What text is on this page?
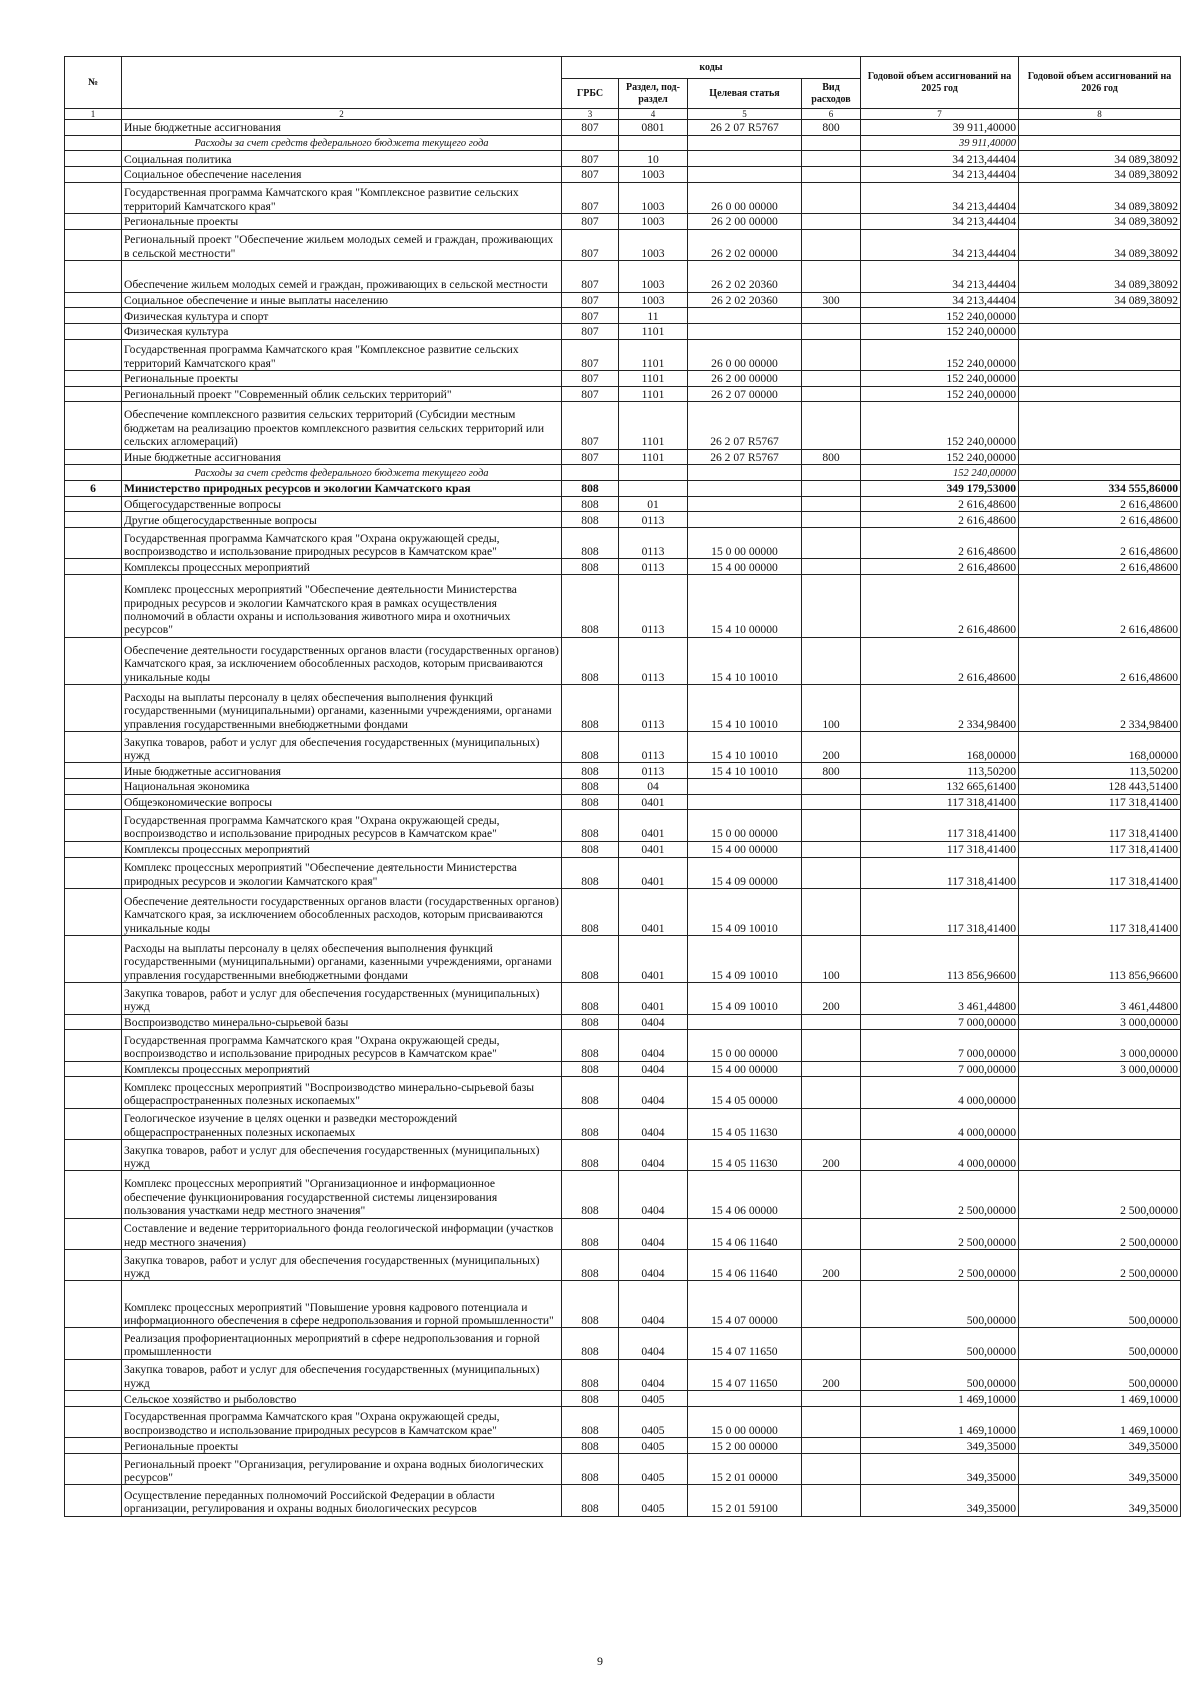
№		коды				Годовой объем ассигнований на 2025 год	Годовой объем ассигнований на 2026 год
		ГРБС	Раздел, под-раздел	Целевая статья	Вид расходов		
1	2	3	4	5	6	7	8
	Иные бюджетные ассигнования	807	0801	26 2 07 R5767	800	39 911,40000	
	Расходы за счет средств федерального бюджета текущего года					39 911,40000	
	Социальная политика	807	10			34 213,44404	34 089,38092
	Социальное обеспечение населения	807	1003			34 213,44404	34 089,38092
	Государственная программа Камчатского края "Комплексное развитие сельских территорий Камчатского края"	807	1003	26 0 00 00000		34 213,44404	34 089,38092
	Региональные проекты	807	1003	26 2 00 00000		34 213,44404	34 089,38092
	Региональный проект "Обеспечение жильем молодых семей и граждан, проживающих в сельской местности"	807	1003	26 2 02 00000		34 213,44404	34 089,38092
	Обеспечение жильем молодых семей и граждан, проживающих в сельской местности	807	1003	26 2 02 20360		34 213,44404	34 089,38092
	Социальное обеспечение и иные выплаты населению	807	1003	26 2 02 20360	300	34 213,44404	34 089,38092
	Физическая культура и спорт	807	11			152 240,00000	
	Физическая культура	807	1101			152 240,00000	
	Государственная программа Камчатского края "Комплексное развитие сельских территорий Камчатского края"	807	1101	26 0 00 00000		152 240,00000	
	Региональные проекты	807	1101	26 2 00 00000		152 240,00000	
	Региональный проект "Современный облик сельских территорий"	807	1101	26 2 07 00000		152 240,00000	
	Обеспечение комплексного развития сельских территорий (Субсидии местным бюджетам на реализацию проектов комплексного развития сельских территорий или сельских агломераций)	807	1101	26 2 07 R5767		152 240,00000	
	Иные бюджетные ассигнования	807	1101	26 2 07 R5767	800	152 240,00000	
	Расходы за счет средств федерального бюджета текущего года					152 240,00000	
6	Министерство природных ресурсов и экологии Камчатского края	808				349 179,53000	334 555,86000
	Общегосударственные вопросы	808	01			2 616,48600	2 616,48600
	Другие общегосударственные вопросы	808	0113			2 616,48600	2 616,48600
	Государственная программа Камчатского края "Охрана окружающей среды, воспроизводство и использование природных ресурсов в Камчатском крае"	808	0113	15 0 00 00000		2 616,48600	2 616,48600
	Комплексы процессных мероприятий	808	0113	15 4 00 00000		2 616,48600	2 616,48600
	Комплекс процессных мероприятий "Обеспечение деятельности Министерства природных ресурсов и экологии Камчатского края в рамках осуществления полномочий в области охраны и использования животного мира и охотничьих ресурсов"	808	0113	15 4 10 00000		2 616,48600	2 616,48600
	Обеспечение деятельности государственных органов власти (государственных органов) Камчатского края, за исключением обособленных расходов, которым присваиваются уникальные коды	808	0113	15 4 10 10010		2 616,48600	2 616,48600
	Расходы на выплаты персоналу в целях обеспечения выполнения функций государственными (муниципальными) органами, казенными учреждениями, органами управления государственными внебюджетными фондами	808	0113	15 4 10 10010	100	2 334,98400	2 334,98400
	Закупка товаров, работ и услуг для обеспечения государственных (муниципальных) нужд	808	0113	15 4 10 10010	200	168,00000	168,00000
	Иные бюджетные ассигнования	808	0113	15 4 10 10010	800	113,50200	113,50200
	Национальная экономика	808	04			132 665,61400	128 443,51400
	Общеэкономические вопросы	808	0401			117 318,41400	117 318,41400
	Государственная программа Камчатского края "Охрана окружающей среды, воспроизводство и использование природных ресурсов в Камчатском крае"	808	0401	15 0 00 00000		117 318,41400	117 318,41400
	Комплексы процессных мероприятий	808	0401	15 4 00 00000		117 318,41400	117 318,41400
	Комплекс процессных мероприятий "Обеспечение деятельности Министерства природных ресурсов и экологии Камчатского края"	808	0401	15 4 09 00000		117 318,41400	117 318,41400
	Обеспечение деятельности государственных органов власти (государственных органов) Камчатского края, за исключением обособленных расходов, которым присваиваются уникальные коды	808	0401	15 4 09 10010		117 318,41400	117 318,41400
	Расходы на выплаты персоналу в целях обеспечения выполнения функций государственными (муниципальными) органами, казенными учреждениями, органами управления государственными внебюджетными фондами	808	0401	15 4 09 10010	100	113 856,96600	113 856,96600
	Закупка товаров, работ и услуг для обеспечения государственных (муниципальных) нужд	808	0401	15 4 09 10010	200	3 461,44800	3 461,44800
	Воспроизводство минерально-сырьевой базы	808	0404			7 000,00000	3 000,00000
	Государственная программа Камчатского края "Охрана окружающей среды, воспроизводство и использование природных ресурсов в Камчатском крае"	808	0404	15 0 00 00000		7 000,00000	3 000,00000
	Комплексы процессных мероприятий	808	0404	15 4 00 00000		7 000,00000	3 000,00000
	Комплекс процессных мероприятий "Воспроизводство минерально-сырьевой базы общераспространенных полезных ископаемых"	808	0404	15 4 05 00000		4 000,00000	
	Геологическое изучение в целях оценки и разведки месторождений общераспространенных полезных ископаемых	808	0404	15 4 05 11630		4 000,00000	
	Закупка товаров, работ и услуг для обеспечения государственных (муниципальных) нужд	808	0404	15 4 05 11630	200	4 000,00000	
	Комплекс процессных мероприятий "Организационное и информационное обеспечение функционирования государственной системы лицензирования пользования участками недр местного значения"	808	0404	15 4 06 00000		2 500,00000	2 500,00000
	Составление и ведение территориального фонда геологической информации (участков недр местного значения)	808	0404	15 4 06 11640		2 500,00000	2 500,00000
	Закупка товаров, работ и услуг для обеспечения государственных (муниципальных) нужд	808	0404	15 4 06 11640	200	2 500,00000	2 500,00000
	Комплекс процессных мероприятий "Повышение уровня кадрового потенциала и информационного обеспечения в сфере недропользования и горной промышленности"	808	0404	15 4 07 00000		500,00000	500,00000
	Реализация профориентационных мероприятий в сфере недропользования и горной промышленности	808	0404	15 4 07 11650		500,00000	500,00000
	Закупка товаров, работ и услуг для обеспечения государственных (муниципальных) нужд	808	0404	15 4 07 11650	200	500,00000	500,00000
	Сельское хозяйство и рыболовство	808	0405			1 469,10000	1 469,10000
	Государственная программа Камчатского края "Охрана окружающей среды, воспроизводство и использование природных ресурсов в Камчатском крае"	808	0405	15 0 00 00000		1 469,10000	1 469,10000
	Региональные проекты	808	0405	15 2 00 00000		349,35000	349,35000
	Региональный проект "Организация, регулирование и охрана водных биологических ресурсов"	808	0405	15 2 01 00000		349,35000	349,35000
	Осуществление переданных полномочий Российской Федерации в области организации, регулирования и охраны водных биологических ресурсов	808	0405	15 2 01 59100		349,35000	349,35000
9
